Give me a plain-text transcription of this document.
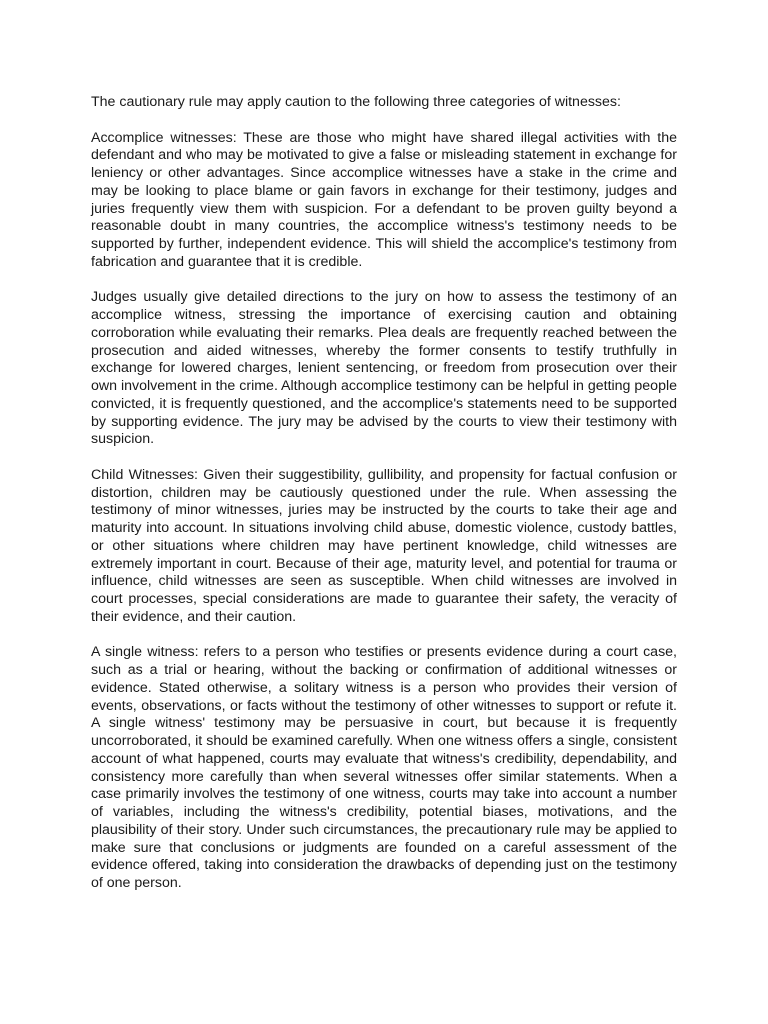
The cautionary rule may apply caution to the following three categories of witnesses:

Accomplice witnesses: These are those who might have shared illegal activities with the defendant and who may be motivated to give a false or misleading statement in exchange for leniency or other advantages. Since accomplice witnesses have a stake in the crime and may be looking to place blame or gain favors in exchange for their testimony, judges and juries frequently view them with suspicion. For a defendant to be proven guilty beyond a reasonable doubt in many countries, the accomplice witness's testimony needs to be supported by further, independent evidence. This will shield the accomplice's testimony from fabrication and guarantee that it is credible.

Judges usually give detailed directions to the jury on how to assess the testimony of an accomplice witness, stressing the importance of exercising caution and obtaining corroboration while evaluating their remarks. Plea deals are frequently reached between the prosecution and aided witnesses, whereby the former consents to testify truthfully in exchange for lowered charges, lenient sentencing, or freedom from prosecution over their own involvement in the crime. Although accomplice testimony can be helpful in getting people convicted, it is frequently questioned, and the accomplice's statements need to be supported by supporting evidence. The jury may be advised by the courts to view their testimony with suspicion.

Child Witnesses: Given their suggestibility, gullibility, and propensity for factual confusion or distortion, children may be cautiously questioned under the rule. When assessing the testimony of minor witnesses, juries may be instructed by the courts to take their age and maturity into account. In situations involving child abuse, domestic violence, custody battles, or other situations where children may have pertinent knowledge, child witnesses are extremely important in court. Because of their age, maturity level, and potential for trauma or influence, child witnesses are seen as susceptible. When child witnesses are involved in court processes, special considerations are made to guarantee their safety, the veracity of their evidence, and their caution.

A single witness: refers to a person who testifies or presents evidence during a court case, such as a trial or hearing, without the backing or confirmation of additional witnesses or evidence. Stated otherwise, a solitary witness is a person who provides their version of events, observations, or facts without the testimony of other witnesses to support or refute it. A single witness' testimony may be persuasive in court, but because it is frequently uncorroborated, it should be examined carefully. When one witness offers a single, consistent account of what happened, courts may evaluate that witness's credibility, dependability, and consistency more carefully than when several witnesses offer similar statements. When a case primarily involves the testimony of one witness, courts may take into account a number of variables, including the witness's credibility, potential biases, motivations, and the plausibility of their story. Under such circumstances, the precautionary rule may be applied to make sure that conclusions or judgments are founded on a careful assessment of the evidence offered, taking into consideration the drawbacks of depending just on the testimony of one person.
